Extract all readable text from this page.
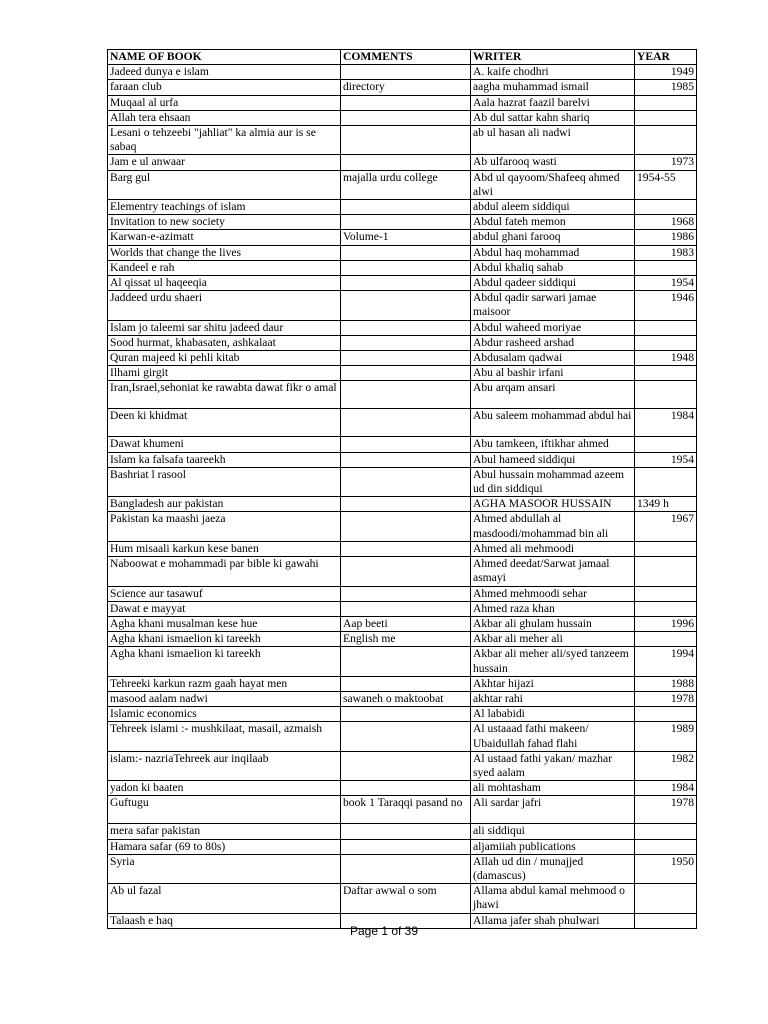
NAME OF BOOK	COMMENTS	WRITER	YEAR
Jadeed dunya e islam		A. kaife chodhri	1949
faraan club	directory	aagha muhammad ismail	1985
Muqaal al urfa		Aala hazrat faazil barelvi	
Allah tera ehsaan		Ab dul sattar kahn shariq	
Lesani o tehzeebi "jahliat" ka almia aur is se sabaq		ab ul hasan ali nadwi	
Jam e ul anwaar		Ab ulfarooq wasti	1973
Barg gul	majalla urdu college	Abd ul qayoom/Shafeeq ahmed alwi	1954-55
Elementry teachings of islam		abdul aleem siddiqui	
Invitation to new society		Abdul fateh memon	1968
Karwan-e-azimatt	Volume-1	abdul ghani farooq	1986
Worlds that change the lives		Abdul haq mohammad	1983
Kandeel e rah		Abdul khaliq sahab	
Al qissat ul haqeeqia		Abdul qadeer siddiqui	1954
Jaddeed urdu shaeri		Abdul qadir sarwari jamae maisoor	1946
Islam jo taleemi sar shitu jadeed daur		Abdul waheed moriyae	
Sood hurmat, khabasaten, ashkalaat		Abdur rasheed arshad	
Quran majeed ki pehli kitab		Abdusalam qadwai	1948
Ilhami girgit		Abu al bashir irfani	
Iran,Israel,sehoniat ke rawabta dawat fikr o amal		Abu arqam ansari	
Deen ki khidmat		Abu saleem mohammad abdul hai	1984
Dawat khumeni		Abu tamkeen, iftikhar ahmed	
Islam ka falsafa taareekh		Abul hameed siddiqui	1954
Bashriat l rasool		Abul hussain mohammad azeem ud din siddiqui	
Bangladesh aur pakistan		AGHA MASOOR HUSSAIN	1349 h
Pakistan ka maashi jaeza		Ahmed abdullah al masdoodi/mohammad bin ali	1967
Hum misaali karkun kese banen		Ahmed ali mehmoodi	
Naboowat e mohammadi par bible ki gawahi		Ahmed deedat/Sarwat jamaal asmayi	
Science aur tasawuf		Ahmed mehmoodi sehar	
Dawat e mayyat		Ahmed raza khan	
Agha khani musalman kese hue	Aap beeti	Akbar ali ghulam hussain	1996
Agha khani ismaelion ki tareekh	English me	Akbar ali meher ali	
Agha khani ismaelion ki tareekh		Akbar ali meher ali/syed tanzeem hussain	1994
Tehreeki karkun razm gaah hayat men		Akhtar hijazi	1988
masood aalam nadwi	sawaneh o maktoobat	akhtar rahi	1978
Islamic economics		Al lababidi	
Tehreek islami :- mushkilaat, masail, azmaish		Al ustaaad fathi makeen/ Ubaidullah fahad flahi	1989
islam:- nazriaTehreek aur inqilaab		Al ustaad fathi yakan/ mazhar syed aalam	1982
yadon ki baaten		ali mohtasham	1984
Guftugu	book 1 Taraqqi pasand no	Ali sardar jafri	1978
mera safar pakistan		ali siddiqui	
Hamara safar (69 to 80s)		aljamiiah publications	
Syria		Allah ud din / munajjed (damascus)	1950
Ab ul fazal	Daftar awwal o som	Allama abdul kamal mehmood o jhawi	
Talaash e haq		Allama jafer shah phulwari	
Page 1 of 39
